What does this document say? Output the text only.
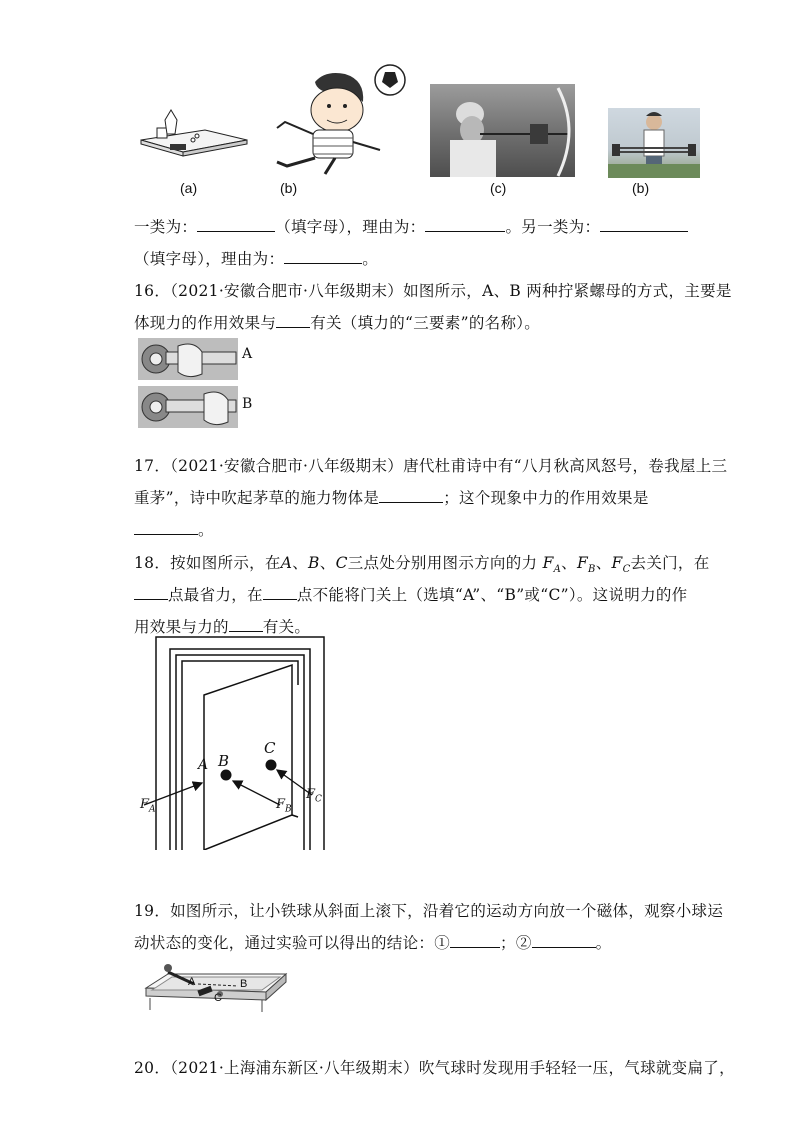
(a)	(b)	(c)	(b)
一类为：	（填字母），理由为：	。另一类为：
（填字母），理由为：	。
16．（2021·安徽合肥市·八年级期末）如图所示，A、B 两种拧紧螺母的方式，主要是
体现力的作用效果与 有关（填力的“三要素”的名称）。
A
B
17．（2021·安徽合肥市·八年级期末）唐代杜甫诗中有“八月秋高风怒号，卷我屋上三
重茅”，诗中吹起茅草的施力物体是	；这个现象中力的作用效果是
。
18．按如图所示，在A、B、C三点处分别用图示方向的力 $F_A$、$F_B$、$F_C$去关门，在
点最省力，在 点不能将门关上（选填“A”、“B”或“C”）。这说明力的作
用效果与力的 有关。
A B
C
$F_A$	$F_B$
$F_C$
19．如图所示，让小铁球从斜面上滚下，沿着它的运动方向放一个磁体，观察小球运
动状态的变化，通过实验可以得出的结论：①	；②	。
A	B
C
20．（2021·上海浦东新区·八年级期末）吹气球时发现用手轻轻一压，气球就变扁了，
